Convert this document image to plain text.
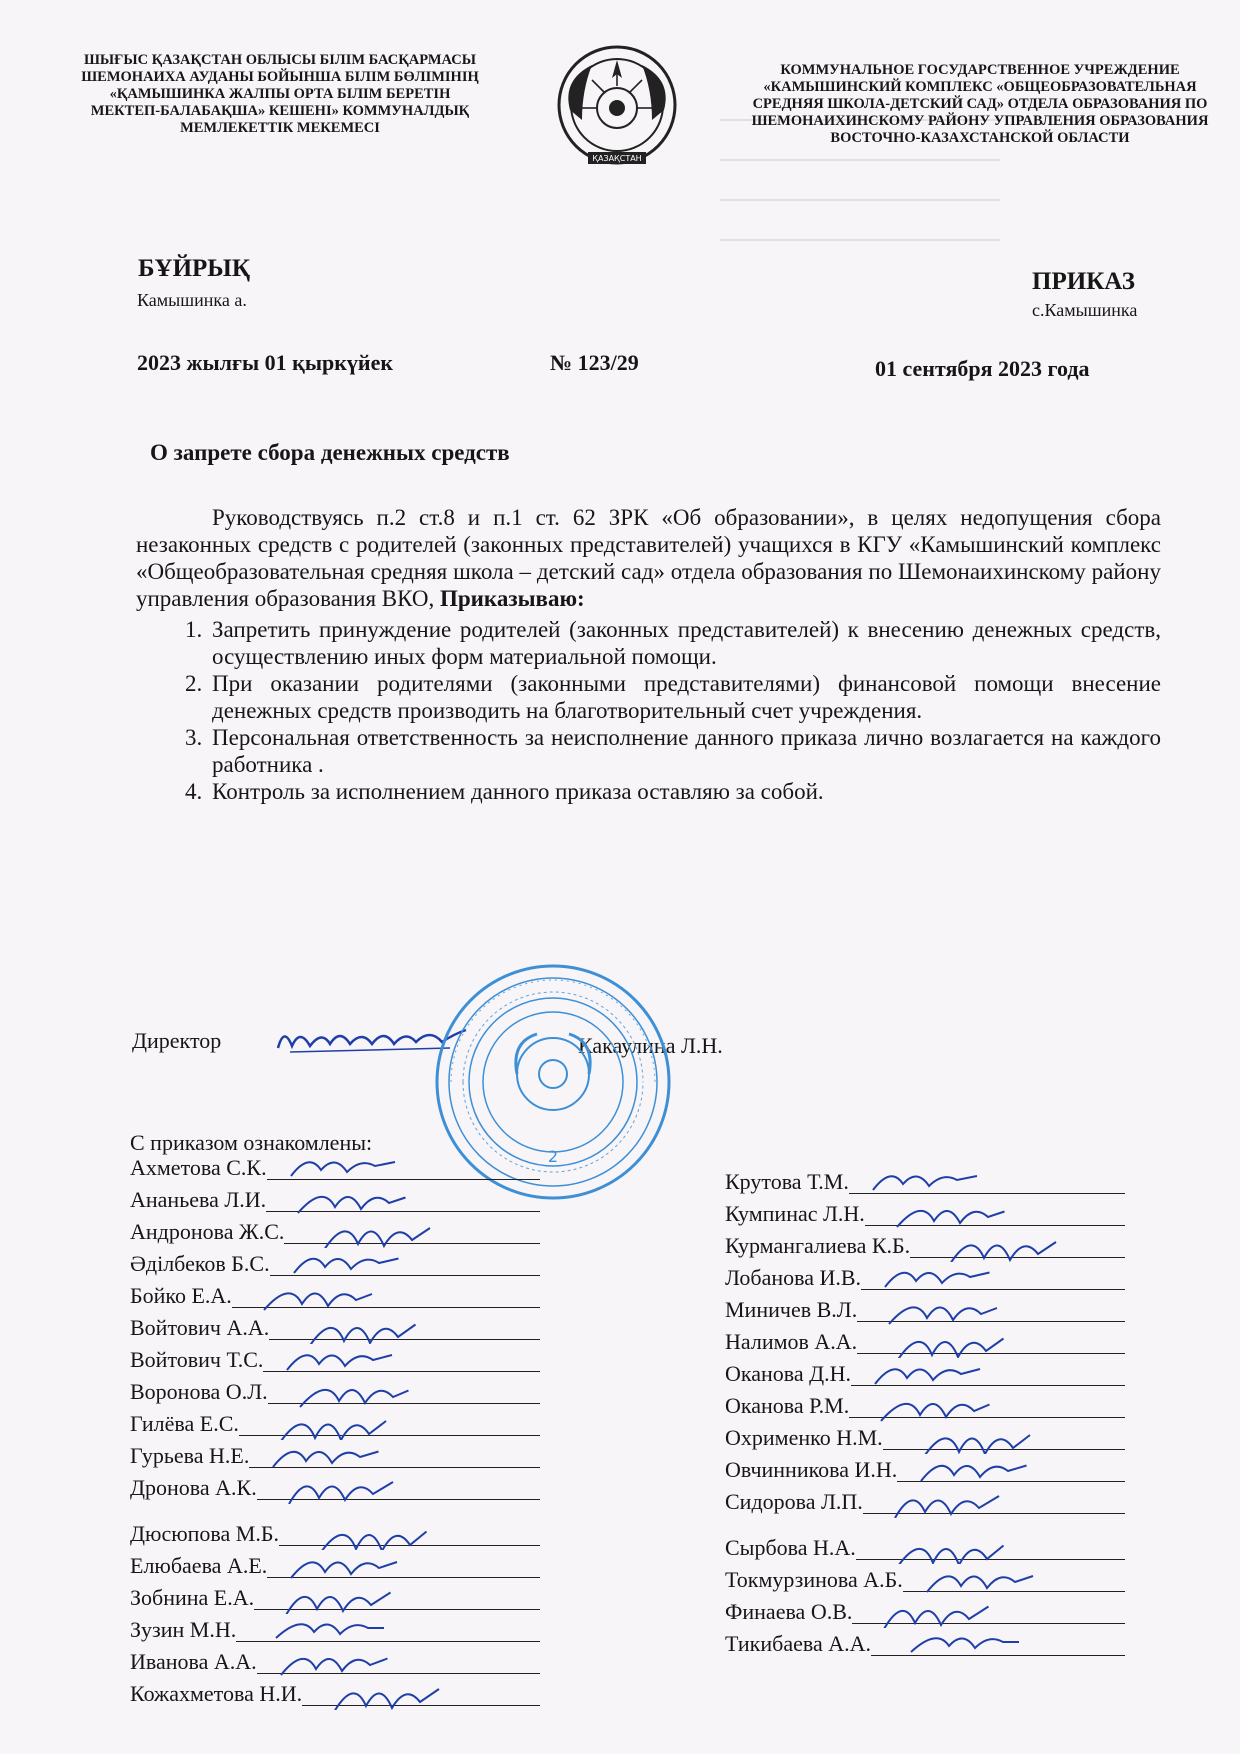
ШЫҒЫС ҚАЗАҚСТАН ОБЛЫСЫ БІЛІМ БАСҚАРМАСЫ ШЕМОНАИХА АУДАНЫ БОЙЫНША БІЛІМ БӨЛІМІНІҢ «ҚАМЫШИНКА ЖАЛПЫ ОРТА БІЛІМ БЕРЕТІН МЕКТЕП-БАЛАБАҚША» КЕШЕНІ» КОММУНАЛДЫҚ МЕМЛЕКЕТТІК МЕКЕМЕСІ
ҚАЗАҚСТАН
КОММУНАЛЬНОЕ ГОСУДАРСТВЕННОЕ УЧРЕЖДЕНИЕ «КАМЫШИНСКИЙ КОМПЛЕКС «ОБЩЕОБРАЗОВАТЕЛЬНАЯ СРЕДНЯЯ ШКОЛА-ДЕТСКИЙ САД» ОТДЕЛА ОБРАЗОВАНИЯ ПО ШЕМОНАИХИНСКОМУ РАЙОНУ УПРАВЛЕНИЯ ОБРАЗОВАНИЯ ВОСТОЧНО-КАЗАХСТАНСКОЙ ОБЛАСТИ
БҰЙРЫҚ
Камышинка а.
ПРИКАЗ
с.Камышинка
2023 жылғы 01 қыркүйек	№ 123/29	01 сентября 2023 года
О запрете сбора денежных средств

Руководствуясь п.2 ст.8 и п.1 ст. 62 ЗРК «Об образовании», в целях недопущения сбора незаконных средств с родителей (законных представителей) учащихся в КГУ «Камышинский комплекс «Общеобразовательная средняя школа – детский сад» отдела образования по Шемонаихинскому району управления образования ВКО, Приказываю:

1. Запретить принуждение родителей (законных представителей) к внесению денежных средств, осуществлению иных форм материальной помощи.
2. При оказании родителями (законными представителями) финансовой помощи внесение денежных средств производить на благотворительный счет учреждения.
3. Персональная ответственность за неисполнение данного приказа лично возлагается на каждого работника .
4. Контроль за исполнением данного приказа оставляю за собой.
Директор	Какаулина Л.Н.
2
С приказом ознакомлены:
Ахметова С.К.
Ананьева Л.И.
Андронова Ж.С.
Әділбеков Б.С.
Бойко Е.А.
Войтович А.А.
Войтович Т.С.
Воронова О.Л.
Гилёва Е.С.
Гурьева Н.Е.
Дронова А.К.
Дюсюпова М.Б.
Елюбаева А.Е.
Зобнина Е.А.
Зузин М.Н.
Иванова А.А.
Кожахметова Н.И.
Крутова Т.М.
Кумпинас Л.Н.
Курмангалиева К.Б.
Лобанова И.В.
Миничев В.Л.
Налимов А.А.
Оканова Д.Н.
Оканова Р.М.
Охрименко Н.М.
Овчинникова И.Н.
Сидорова Л.П.
Сырбова Н.А.
Токмурзинова А.Б.
Финаева О.В.
Тикибаева А.А.
